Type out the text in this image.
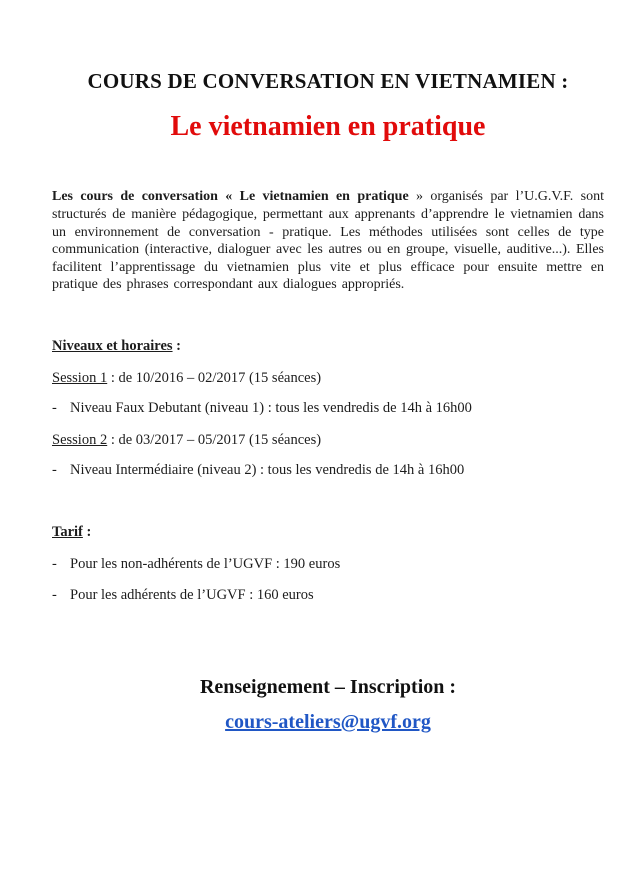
COURS DE CONVERSATION EN VIETNAMIEN :
Le vietnamien en pratique

Les cours de conversation « Le vietnamien en pratique » organisés par l’U.G.V.F. sont structurés de manière pédagogique, permettant aux apprenants d’apprendre le vietnamien dans un environnement de conversation - pratique. Les méthodes utilisées sont celles de type communication (interactive, dialoguer avec les autres ou en groupe, visuelle, auditive...). Elles facilitent l’apprentissage du vietnamien plus vite et plus efficace pour ensuite mettre en pratique des phrases correspondant aux dialogues appropriés.

Niveaux et horaires :

Session 1 : de 10/2016 – 02/2017 (15 séances)

- Niveau Faux Debutant (niveau 1) : tous les vendredis de 14h à 16h00

Session 2 : de 03/2017 – 05/2017 (15 séances)

- Niveau Intermédiaire (niveau 2) : tous les vendredis de 14h à 16h00

Tarif :

- Pour les non-adhérents de l’UGVF : 190 euros

- Pour les adhérents de l’UGVF : 160 euros

Renseignement – Inscription :

cours-ateliers@ugvf.org
